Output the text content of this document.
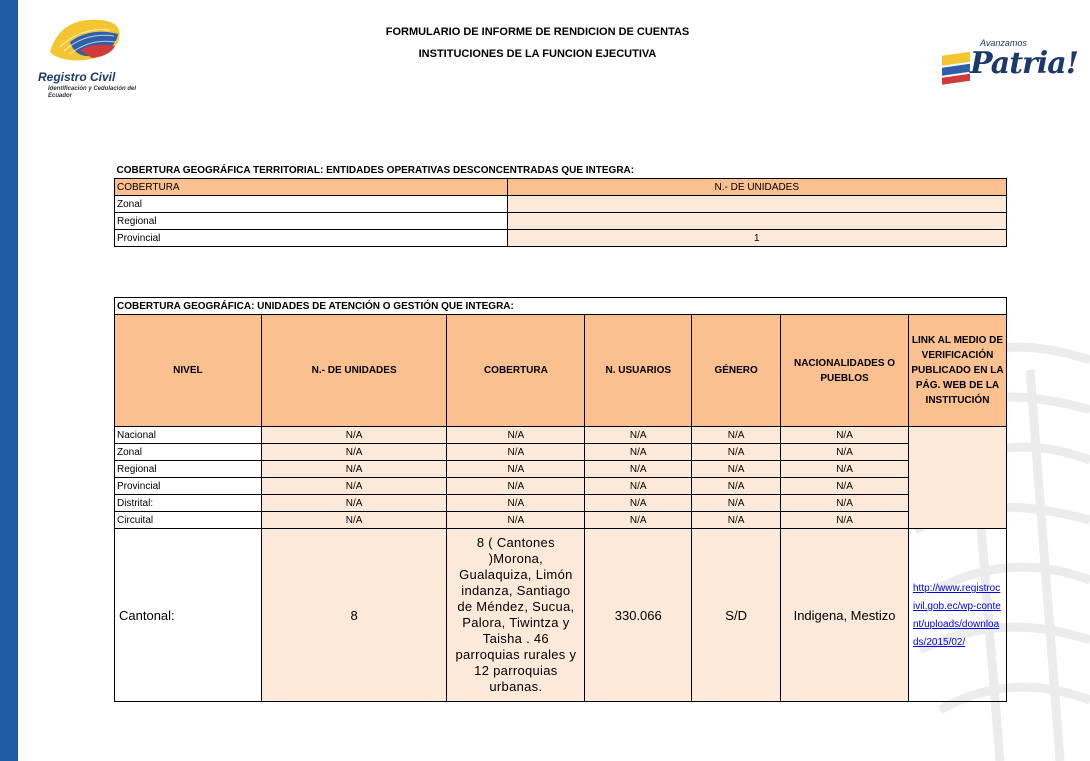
Registro Civil
Identificación y Cedulación del Ecuador
Avanzamos
Patria!
FORMULARIO DE INFORME DE RENDICION DE CUENTAS
INSTITUCIONES DE LA FUNCION EJECUTIVA
COBERTURA GEOGRÁFICA TERRITORIAL: ENTIDADES OPERATIVAS DESCONCENTRADAS QUE INTEGRA:	
COBERTURA	N.- DE UNIDADES
Zonal	
Regional	
Provincial	1
COBERTURA GEOGRÁFICA: UNIDADES DE ATENCIÓN O GESTIÓN QUE INTEGRA:						
NIVEL	N.- DE UNIDADES	COBERTURA	N. USUARIOS	GÉNERO	NACIONALIDADES O PUEBLOS	LINK AL MEDIO DE VERIFICACIÓN PUBLICADO EN LA PÁG. WEB DE LA INSTITUCIÓN
Nacional	N/A	N/A	N/A	N/A	N/A	
Zonal	N/A	N/A	N/A	N/A	N/A	
Regional	N/A	N/A	N/A	N/A	N/A	
Provincial	N/A	N/A	N/A	N/A	N/A	
Distrital:	N/A	N/A	N/A	N/A	N/A	
Circuital	N/A	N/A	N/A	N/A	N/A	
Cantonal:	8	8 ( Cantones )Morona, Gualaquiza, Limón indanza, Santiago de Méndez, Sucua, Palora, Tiwintza y Taisha . 46 parroquias rurales y 12 parroquias urbanas.	330.066	S/D	Indigena, Mestizo	http://www.registrocivil.gob.ec/wp-content/uploads/downloads/2015/02/
